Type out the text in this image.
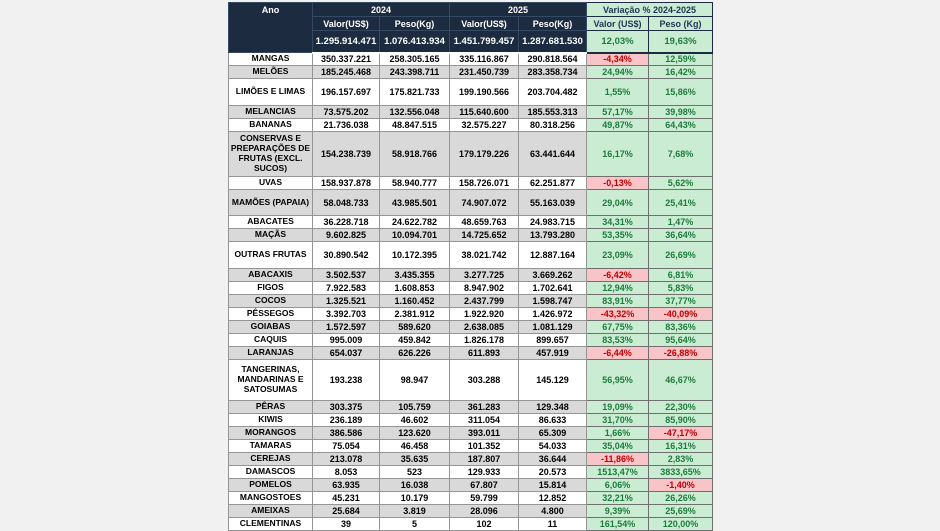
Ano	2024		2025		Variação % 2024-2025	
	Valor(US$)	Peso(Kg)	Valor(US$)	Peso(Kg)	Valor (US$)	Peso (Kg)
	1.295.914.471	1.076.413.934	1.451.799.457	1.287.681.530	12,03%	19,63%
MANGAS	350.337.221	258.305.165	335.116.867	290.818.564	-4,34%	12,59%
MELÕES	185.245.468	243.398.711	231.450.739	283.358.734	24,94%	16,42%
LIMÕES E LIMAS	196.157.697	175.821.733	199.190.566	203.704.482	1,55%	15,86%
MELANCIAS	73.575.202	132.556.048	115.640.600	185.553.313	57,17%	39,98%
BANANAS	21.736.038	48.847.515	32.575.227	80.318.256	49,87%	64,43%
CONSERVAS E PREPARAÇÕES DE FRUTAS (EXCL. SUCOS)	154.238.739	58.918.766	179.179.226	63.441.644	16,17%	7,68%
UVAS	158.937.878	58.940.777	158.726.071	62.251.877	-0,13%	5,62%
MAMÕES (PAPAIA)	58.048.733	43.985.501	74.907.072	55.163.039	29,04%	25,41%
ABACATES	36.228.718	24.622.782	48.659.763	24.983.715	34,31%	1,47%
MAÇÃS	9.602.825	10.094.701	14.725.652	13.793.280	53,35%	36,64%
OUTRAS FRUTAS	30.890.542	10.172.395	38.021.742	12.887.164	23,09%	26,69%
ABACAXIS	3.502.537	3.435.355	3.277.725	3.669.262	-6,42%	6,81%
FIGOS	7.922.583	1.608.853	8.947.902	1.702.641	12,94%	5,83%
COCOS	1.325.521	1.160.452	2.437.799	1.598.747	83,91%	37,77%
PÊSSEGOS	3.392.703	2.381.912	1.922.920	1.426.972	-43,32%	-40,09%
GOIABAS	1.572.597	589.620	2.638.085	1.081.129	67,75%	83,36%
CAQUIS	995.009	459.842	1.826.178	899.657	83,53%	95,64%
LARANJAS	654.037	626.226	611.893	457.919	-6,44%	-26,88%
TANGERINAS, MANDARINAS E SATOSUMAS	193.238	98.947	303.288	145.129	56,95%	46,67%
PÊRAS	303.375	105.759	361.283	129.348	19,09%	22,30%
KIWIS	236.189	46.602	311.054	86.633	31,70%	85,90%
MORANGOS	386.586	123.620	393.011	65.309	1,66%	-47,17%
TAMARAS	75.054	46.458	101.352	54.033	35,04%	16,31%
CEREJAS	213.078	35.635	187.807	36.644	-11,86%	2,83%
DAMASCOS	8.053	523	129.933	20.573	1513,47%	3833,65%
POMELOS	63.935	16.038	67.807	15.814	6,06%	-1,40%
MANGOSTOES	45.231	10.179	59.799	12.852	32,21%	26,26%
AMEIXAS	25.684	3.819	28.096	4.800	9,39%	25,69%
CLEMENTINAS	39	5	102	11	161,54%	120,00%
